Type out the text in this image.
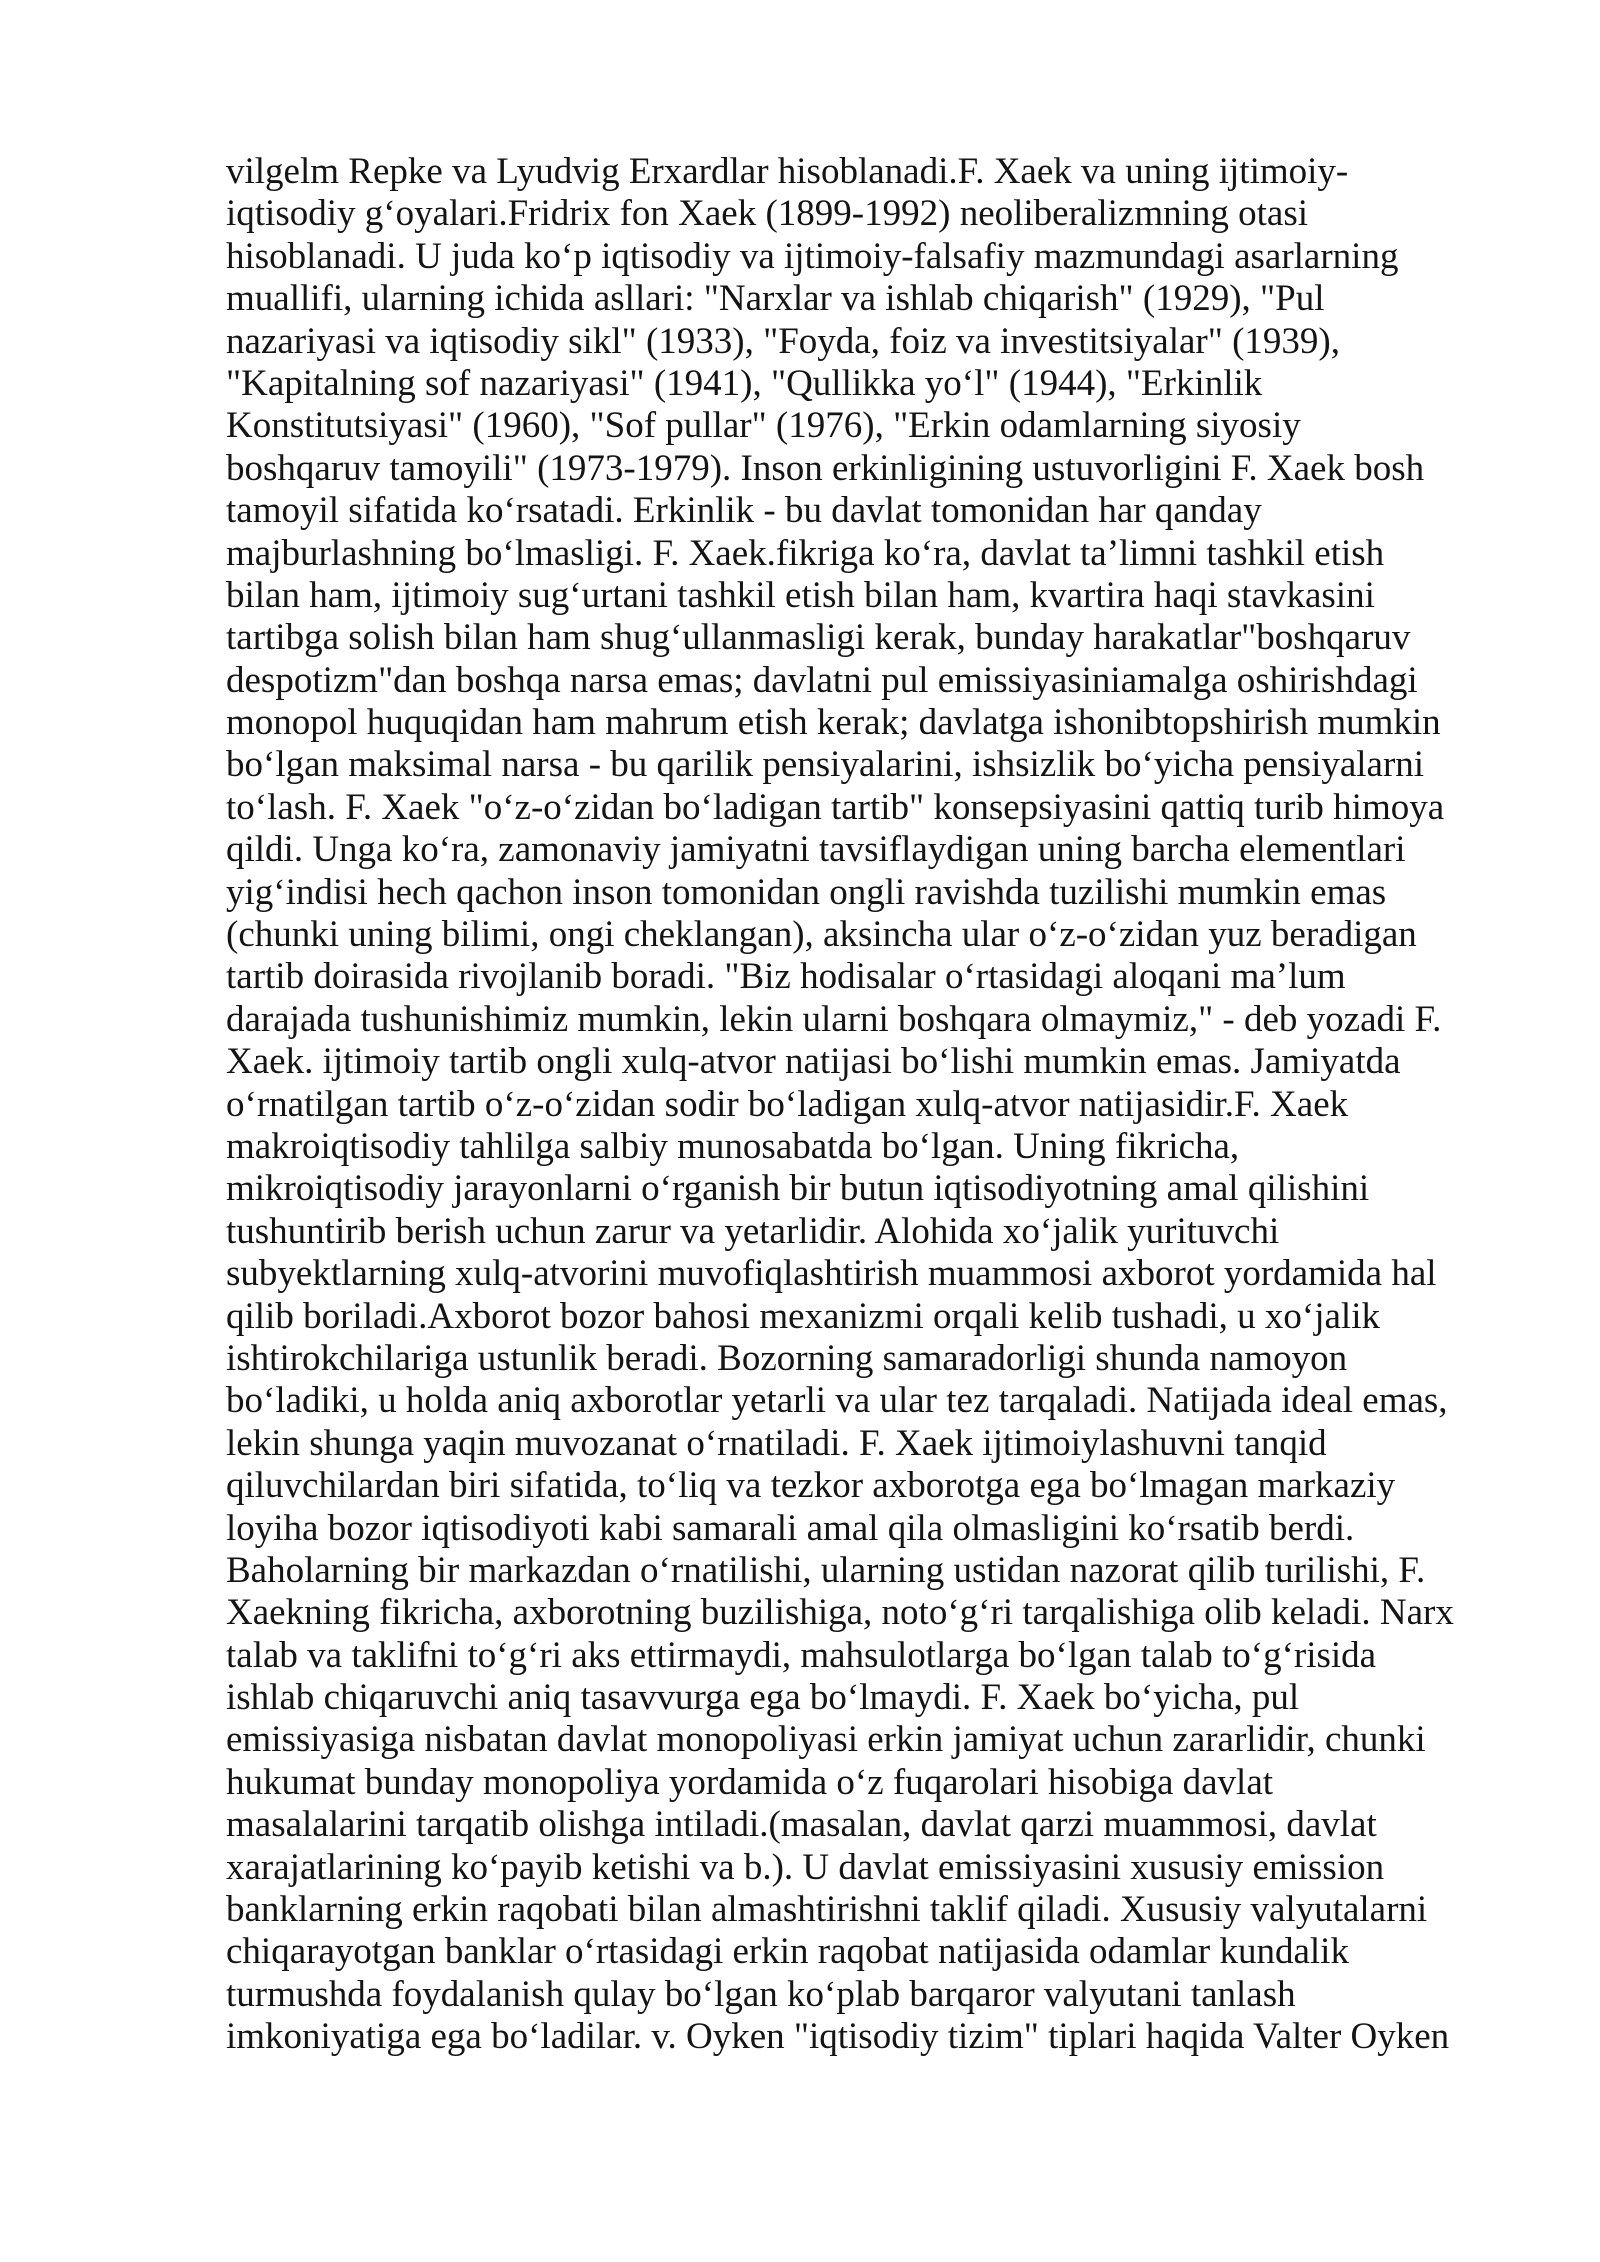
vilgelm Repke va Lyudvig Erxardlar hisoblanadi.F. Xaek va uning ijtimoiy-
iqtisodiy g‘oyalari.Fridrix fon Xaek (1899-1992) neoliberalizmning otasi
hisoblanadi. U juda ko‘p iqtisodiy va ijtimoiy-falsafiy mazmundagi asarlarning
muallifi, ularning ichida asllari: "Narxlar va ishlab chiqarish" (1929), "Pul
nazariyasi va iqtisodiy sikl" (1933), "Foyda, foiz va investitsiyalar" (1939),
"Kapitalning sof nazariyasi" (1941), "Qullikka yo‘l" (1944), "Erkinlik
Konstitutsiyasi" (1960), "Sof pullar" (1976), "Erkin odamlarning siyosiy
boshqaruv tamoyili" (1973-1979). Inson erkinligining ustuvorligini F. Xaek bosh
tamoyil sifatida ko‘rsatadi. Erkinlik - bu davlat tomonidan har qanday
majburlashning bo‘lmasligi. F. Xaek.fikriga ko‘ra, davlat ta’limni tashkil etish
bilan ham, ijtimoiy sug‘urtani tashkil etish bilan ham, kvartira haqi stavkasini
tartibga solish bilan ham shug‘ullanmasligi kerak, bunday harakatlar"boshqaruv
despotizm"dan boshqa narsa emas; davlatni pul emissiyasiniamalga oshirishdagi
monopol huquqidan ham mahrum etish kerak; davlatga ishonibtopshirish mumkin
bo‘lgan maksimal narsa - bu qarilik pensiyalarini, ishsizlik bo‘yicha pensiyalarni
to‘lash. F. Xaek "o‘z-o‘zidan bo‘ladigan tartib" konsepsiyasini qattiq turib himoya
qildi. Unga ko‘ra, zamonaviy jamiyatni tavsiflaydigan uning barcha elementlari
yig‘indisi hech qachon inson tomonidan ongli ravishda tuzilishi mumkin emas
(chunki uning bilimi, ongi cheklangan), aksincha ular o‘z-o‘zidan yuz beradigan
tartib doirasida rivojlanib boradi. "Biz hodisalar o‘rtasidagi aloqani ma’lum
darajada tushunishimiz mumkin, lekin ularni boshqara olmaymiz," - deb yozadi F.
Xaek. ijtimoiy tartib ongli xulq-atvor natijasi bo‘lishi mumkin emas. Jamiyatda
o‘rnatilgan tartib o‘z-o‘zidan sodir bo‘ladigan xulq-atvor natijasidir.F. Xaek
makroiqtisodiy tahlilga salbiy munosabatda bo‘lgan. Uning fikricha,
mikroiqtisodiy jarayonlarni o‘rganish bir butun iqtisodiyotning amal qilishini
tushuntirib berish uchun zarur va yetarlidir. Alohida xo‘jalik yurituvchi
subyektlarning xulq-atvorini muvofiqlashtirish muammosi axborot yordamida hal
qilib boriladi.Axborot bozor bahosi mexanizmi orqali kelib tushadi, u xo‘jalik
ishtirokchilariga ustunlik beradi. Bozorning samaradorligi shunda namoyon
bo‘ladiki, u holda aniq axborotlar yetarli va ular tez tarqaladi. Natijada ideal emas,
lekin shunga yaqin muvozanat o‘rnatiladi. F. Xaek ijtimoiylashuvni tanqid
qiluvchilardan biri sifatida, to‘liq va tezkor axborotga ega bo‘lmagan markaziy
loyiha bozor iqtisodiyoti kabi samarali amal qila olmasligini ko‘rsatib berdi.
Baholarning bir markazdan o‘rnatilishi, ularning ustidan nazorat qilib turilishi, F.
Xaekning fikricha, axborotning buzilishiga, noto‘g‘ri tarqalishiga olib keladi. Narx
talab va taklifni to‘g‘ri aks ettirmaydi, mahsulotlarga bo‘lgan talab to‘g‘risida
ishlab chiqaruvchi aniq tasavvurga ega bo‘lmaydi. F. Xaek bo‘yicha, pul
emissiyasiga nisbatan davlat monopoliyasi erkin jamiyat uchun zararlidir, chunki
hukumat bunday monopoliya yordamida o‘z fuqarolari hisobiga davlat
masalalarini tarqatib olishga intiladi.(masalan, davlat qarzi muammosi, davlat
xarajatlarining ko‘payib ketishi va b.). U davlat emissiyasini xususiy emission
banklarning erkin raqobati bilan almashtirishni taklif qiladi. Xususiy valyutalarni
chiqarayotgan banklar o‘rtasidagi erkin raqobat natijasida odamlar kundalik
turmushda foydalanish qulay bo‘lgan ko‘plab barqaror valyutani tanlash
imkoniyatiga ega bo‘ladilar. v. Oyken "iqtisodiy tizim" tiplari haqida Valter Oyken
